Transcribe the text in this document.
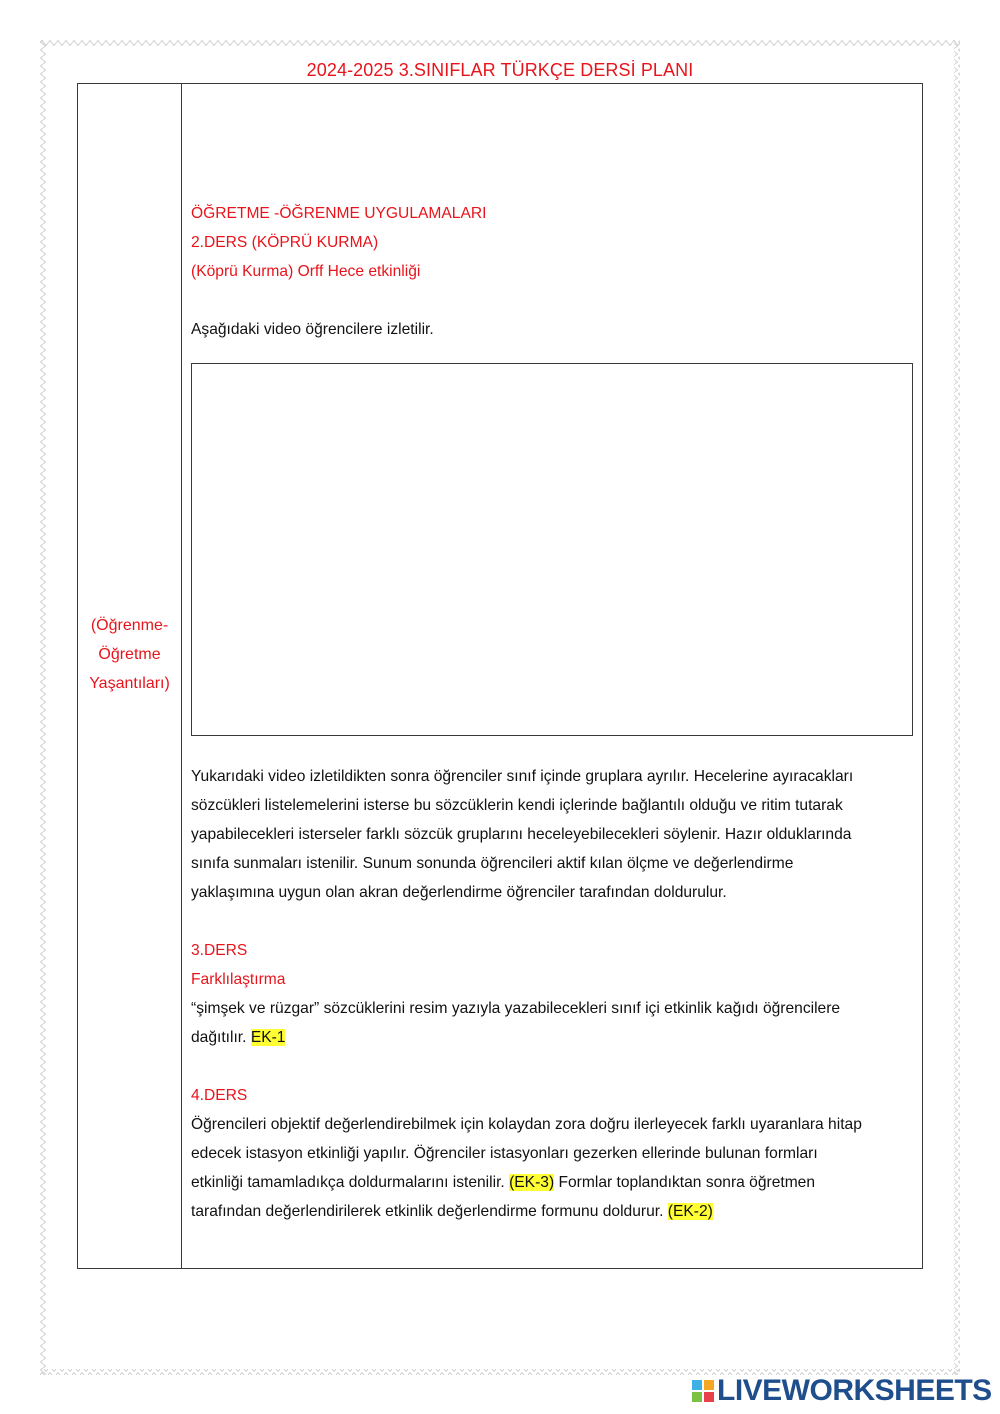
2024-2025 3.SINIFLAR TÜRKÇE DERSİ PLANI
(Öğrenme-
Öğretme
Yaşantıları)
ÖĞRETME -ÖĞRENME UYGULAMALARI
2.DERS (KÖPRÜ KURMA)
(Köprü Kurma) Orff Hece etkinliği
Aşağıdaki video öğrencilere izletilir.
Yukarıdaki video izletildikten sonra öğrenciler sınıf içinde gruplara ayrılır. Hecelerine ayıracakları
sözcükleri listelemelerini isterse bu sözcüklerin kendi içlerinde bağlantılı olduğu ve ritim tutarak
yapabilecekleri isterseler farklı sözcük gruplarını heceleyebilecekleri söylenir. Hazır olduklarında
sınıfa sunmaları istenilir. Sunum sonunda öğrencileri aktif kılan ölçme ve değerlendirme
yaklaşımına uygun olan akran değerlendirme öğrenciler tarafından doldurulur.
3.DERS
Farklılaştırma
“şimşek ve rüzgar” sözcüklerini resim yazıyla yazabilecekleri sınıf içi etkinlik kağıdı öğrencilere
dağıtılır. EK-1
4.DERS
Öğrencileri objektif değerlendirebilmek için kolaydan zora doğru ilerleyecek farklı uyaranlara hitap
edecek istasyon etkinliği yapılır. Öğrenciler istasyonları gezerken ellerinde bulunan formları
etkinliği tamamladıkça doldurmalarını istenilir. (EK-3) Formlar toplandıktan sonra öğretmen
tarafından değerlendirilerek etkinlik değerlendirme formunu doldurur. (EK-2)
LIVEWORKSHEETS
